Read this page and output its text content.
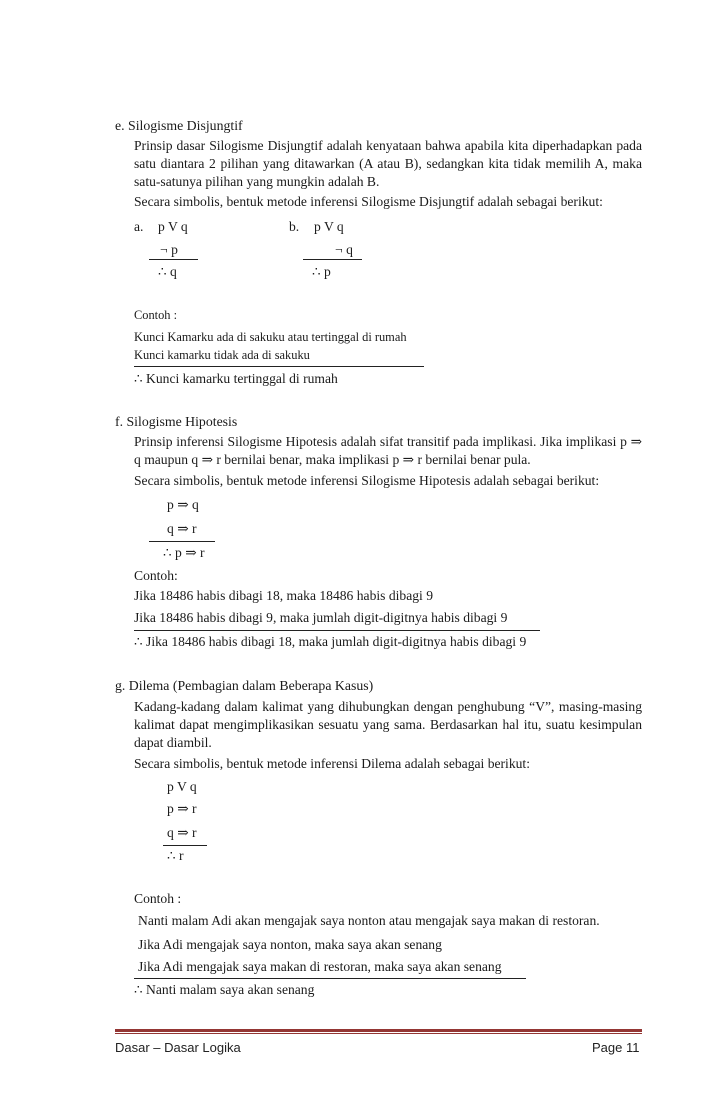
e. Silogisme Disjungtif
Prinsip dasar Silogisme Disjungtif adalah kenyataan bahwa apabila kita diperhadapkan pada satu diantara 2 pilihan yang ditawarkan (A atau B), sedangkan kita tidak memilih A, maka satu-satunya pilihan yang mungkin adalah B.
Secara simbolis, bentuk metode inferensi Silogisme Disjungtif adalah sebagai berikut:
a. p V q
¬ p
∴ q
b. p V q
¬ q
∴ p
Contoh :
Kunci Kamarku ada di sakuku atau tertinggal di rumah
Kunci kamarku tidak ada di sakuku
∴ Kunci kamarku tertinggal di rumah
f. Silogisme Hipotesis
Prinsip inferensi Silogisme Hipotesis adalah sifat transitif pada implikasi. Jika implikasi p ⇒ q maupun q ⇒ r bernilai benar, maka implikasi p ⇒ r bernilai benar pula.
Secara simbolis, bentuk metode inferensi Silogisme Hipotesis adalah sebagai berikut:
p ⇒ q
q ⇒ r
∴ p ⇒ r
Contoh:
Jika 18486 habis dibagi 18, maka 18486 habis dibagi 9
Jika 18486 habis dibagi 9, maka jumlah digit-digitnya habis dibagi 9
∴ Jika 18486 habis dibagi 18, maka jumlah digit-digitnya habis dibagi 9
g. Dilema (Pembagian dalam Beberapa Kasus)
Kadang-kadang dalam kalimat yang dihubungkan dengan penghubung “V”, masing-masing kalimat dapat mengimplikasikan sesuatu yang sama. Berdasarkan hal itu, suatu kesimpulan dapat diambil.
Secara simbolis, bentuk metode inferensi Dilema adalah sebagai berikut:
p V q
p ⇒ r
q ⇒ r
∴ r
Contoh :
Nanti malam Adi akan mengajak saya nonton atau mengajak saya makan di restoran.
Jika Adi mengajak saya nonton, maka saya akan senang
Jika Adi mengajak saya makan di restoran, maka saya akan senang
∴ Nanti malam saya akan senang
Dasar – Dasar Logika	Page 11
